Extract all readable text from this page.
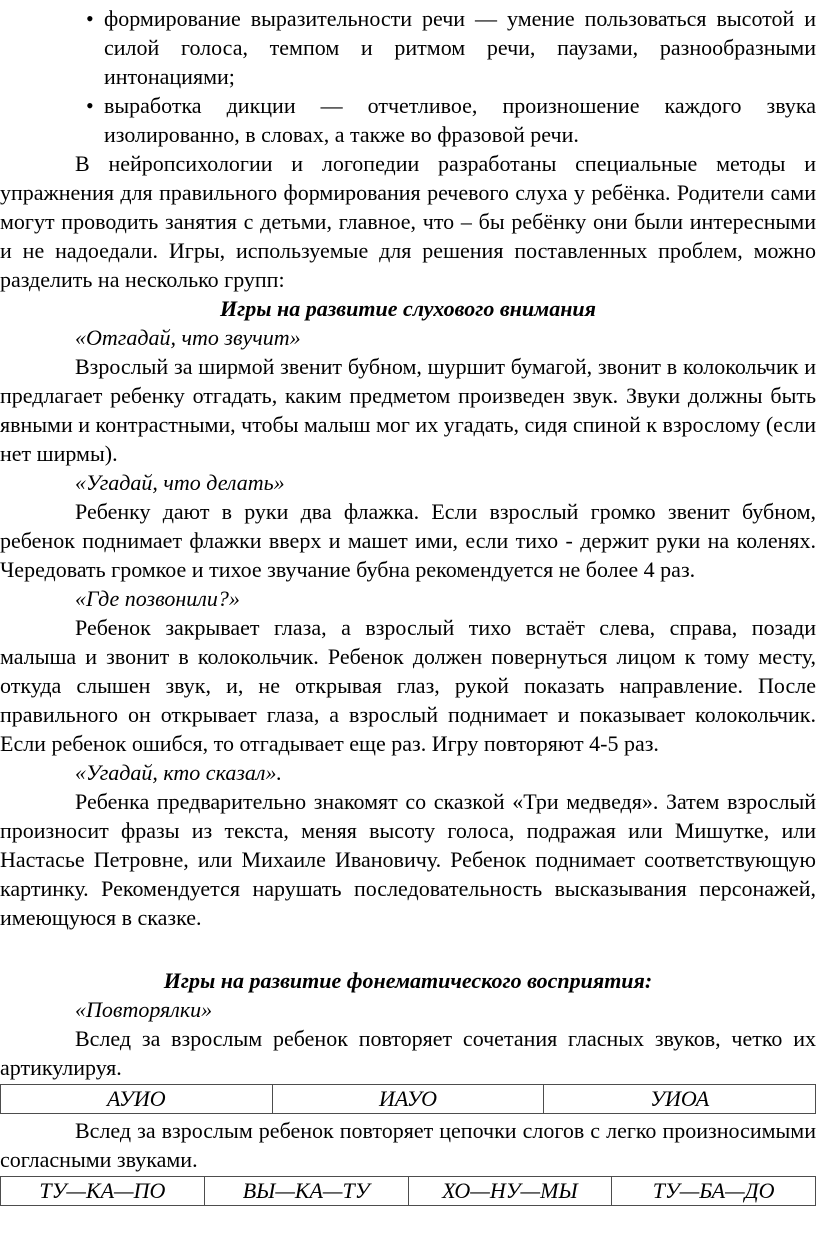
• формирование выразительности речи — умение пользоваться высотой и силой голоса, темпом и ритмом речи, паузами, разнообразными интонациями;
• выработка дикции — отчетливое, произношение каждого звука изолированно, в словах, а также во фразовой речи.
В нейропсихологии и логопедии разработаны специальные методы и упражнения для правильного формирования речевого слуха у ребёнка. Родители сами могут проводить занятия с детьми, главное, что – бы ребёнку они были интересными и не надоедали. Игры, используемые для решения поставленных проблем, можно разделить на несколько групп:
Игры на развитие слухового внимания
«Отгадай, что звучит»
Взрослый за ширмой звенит бубном, шуршит бумагой, звонит в колокольчик и предлагает ребенку отгадать, каким предметом произведен звук. Звуки должны быть явными и контрастными, чтобы малыш мог их угадать, сидя спиной к взрослому (если нет ширмы).
«Угадай, что делать»
Ребенку дают в руки два флажка. Если взрослый громко звенит бубном, ребенок поднимает флажки вверх и машет ими, если тихо - держит руки на коленях. Чередовать громкое и тихое звучание бубна рекомендуется не более 4 раз.
«Где позвонили?»
Ребенок закрывает глаза, а взрослый тихо встаёт слева, справа, позади малыша и звонит в колокольчик. Ребенок должен повернуться лицом к тому месту, откуда слышен звук, и, не открывая глаз, рукой показать направление. После правильного он открывает глаза, а взрослый поднимает и показывает колокольчик. Если ребенок ошибся, то отгадывает еще раз. Игру повторяют 4-5 раз.
«Угадай, кто сказал».
Ребенка предварительно знакомят со сказкой «Три медведя». Затем взрослый произносит фразы из текста, меняя высоту голоса, подражая или Мишутке, или Настасье Петровне, или Михаиле Ивановичу. Ребенок поднимает соответствующую картинку. Рекомендуется нарушать последовательность высказывания персонажей, имеющуюся в сказке.
Игры на развитие фонематического восприятия:
«Повторялки»
Вслед за взрослым ребенок повторяет сочетания гласных звуков, четко их артикулируя.
АУИО	ИАУО	УИОА
Вслед за взрослым ребенок повторяет цепочки слогов с легко произносимыми согласными звуками.
ТУ—КА—ПО	ВЫ—КА—ТУ	ХО—НУ—МЫ	ТУ—БА—ДО
